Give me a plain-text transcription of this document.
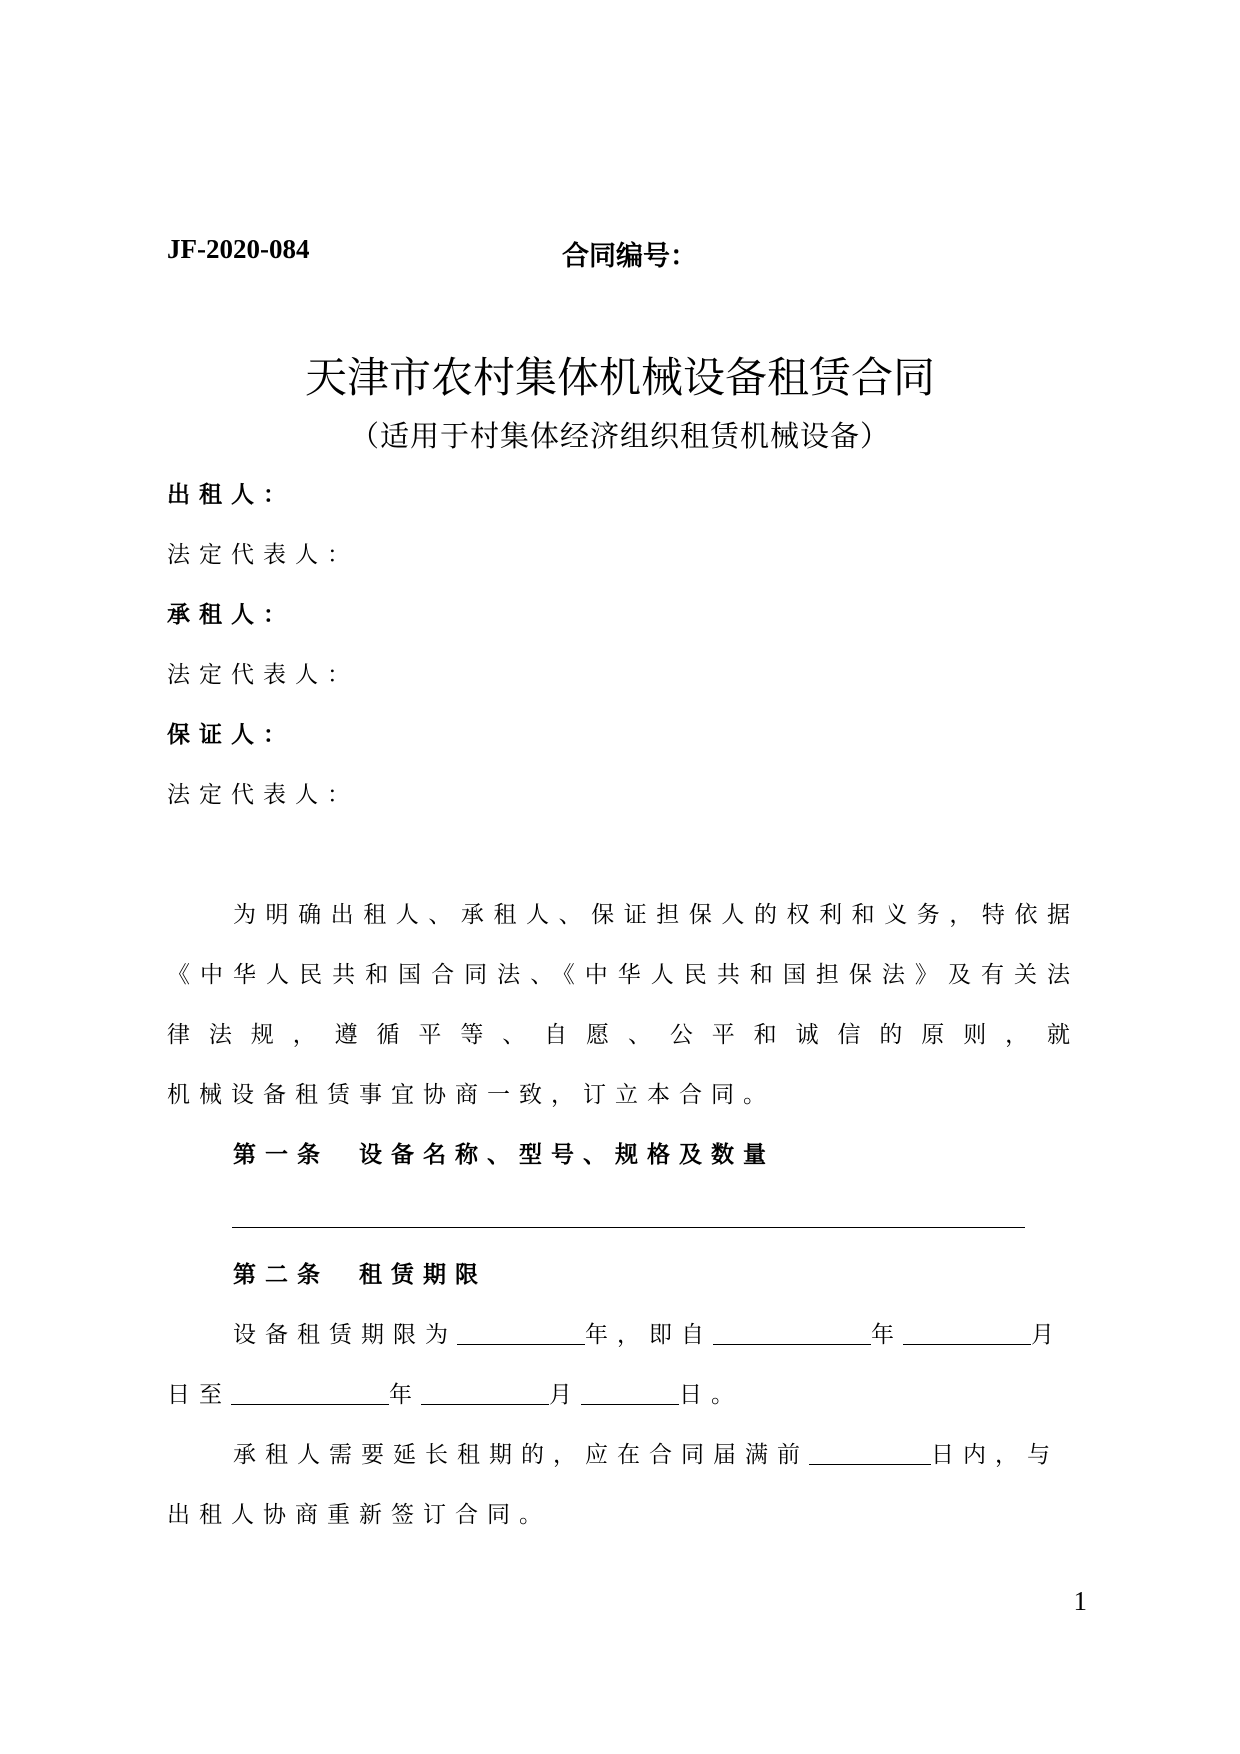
JF-2020-084	合同编号：
天津市农村集体机械设备租赁合同
（适用于村集体经济组织租赁机械设备）
出租人：
法定代表人：
承租人：
法定代表人：
保证人：
法定代表人：
为明确出租人、承租人、保证担保人的权利和义务，特依据
《中华人民共和国合同法、《中华人民共和国担保法》及有关法
律法规，遵循平等、自愿、公平和诚信的原则，就
机械设备租赁事宜协商一致，订立本合同。
第一条 设备名称、型号、规格及数量
第二条 租赁期限
设备租赁期限为	年，即自	年	月
日至	年	月	日。
承租人需要延长租期的，应在合同届满前	日内，与
出租人协商重新签订合同。
1
